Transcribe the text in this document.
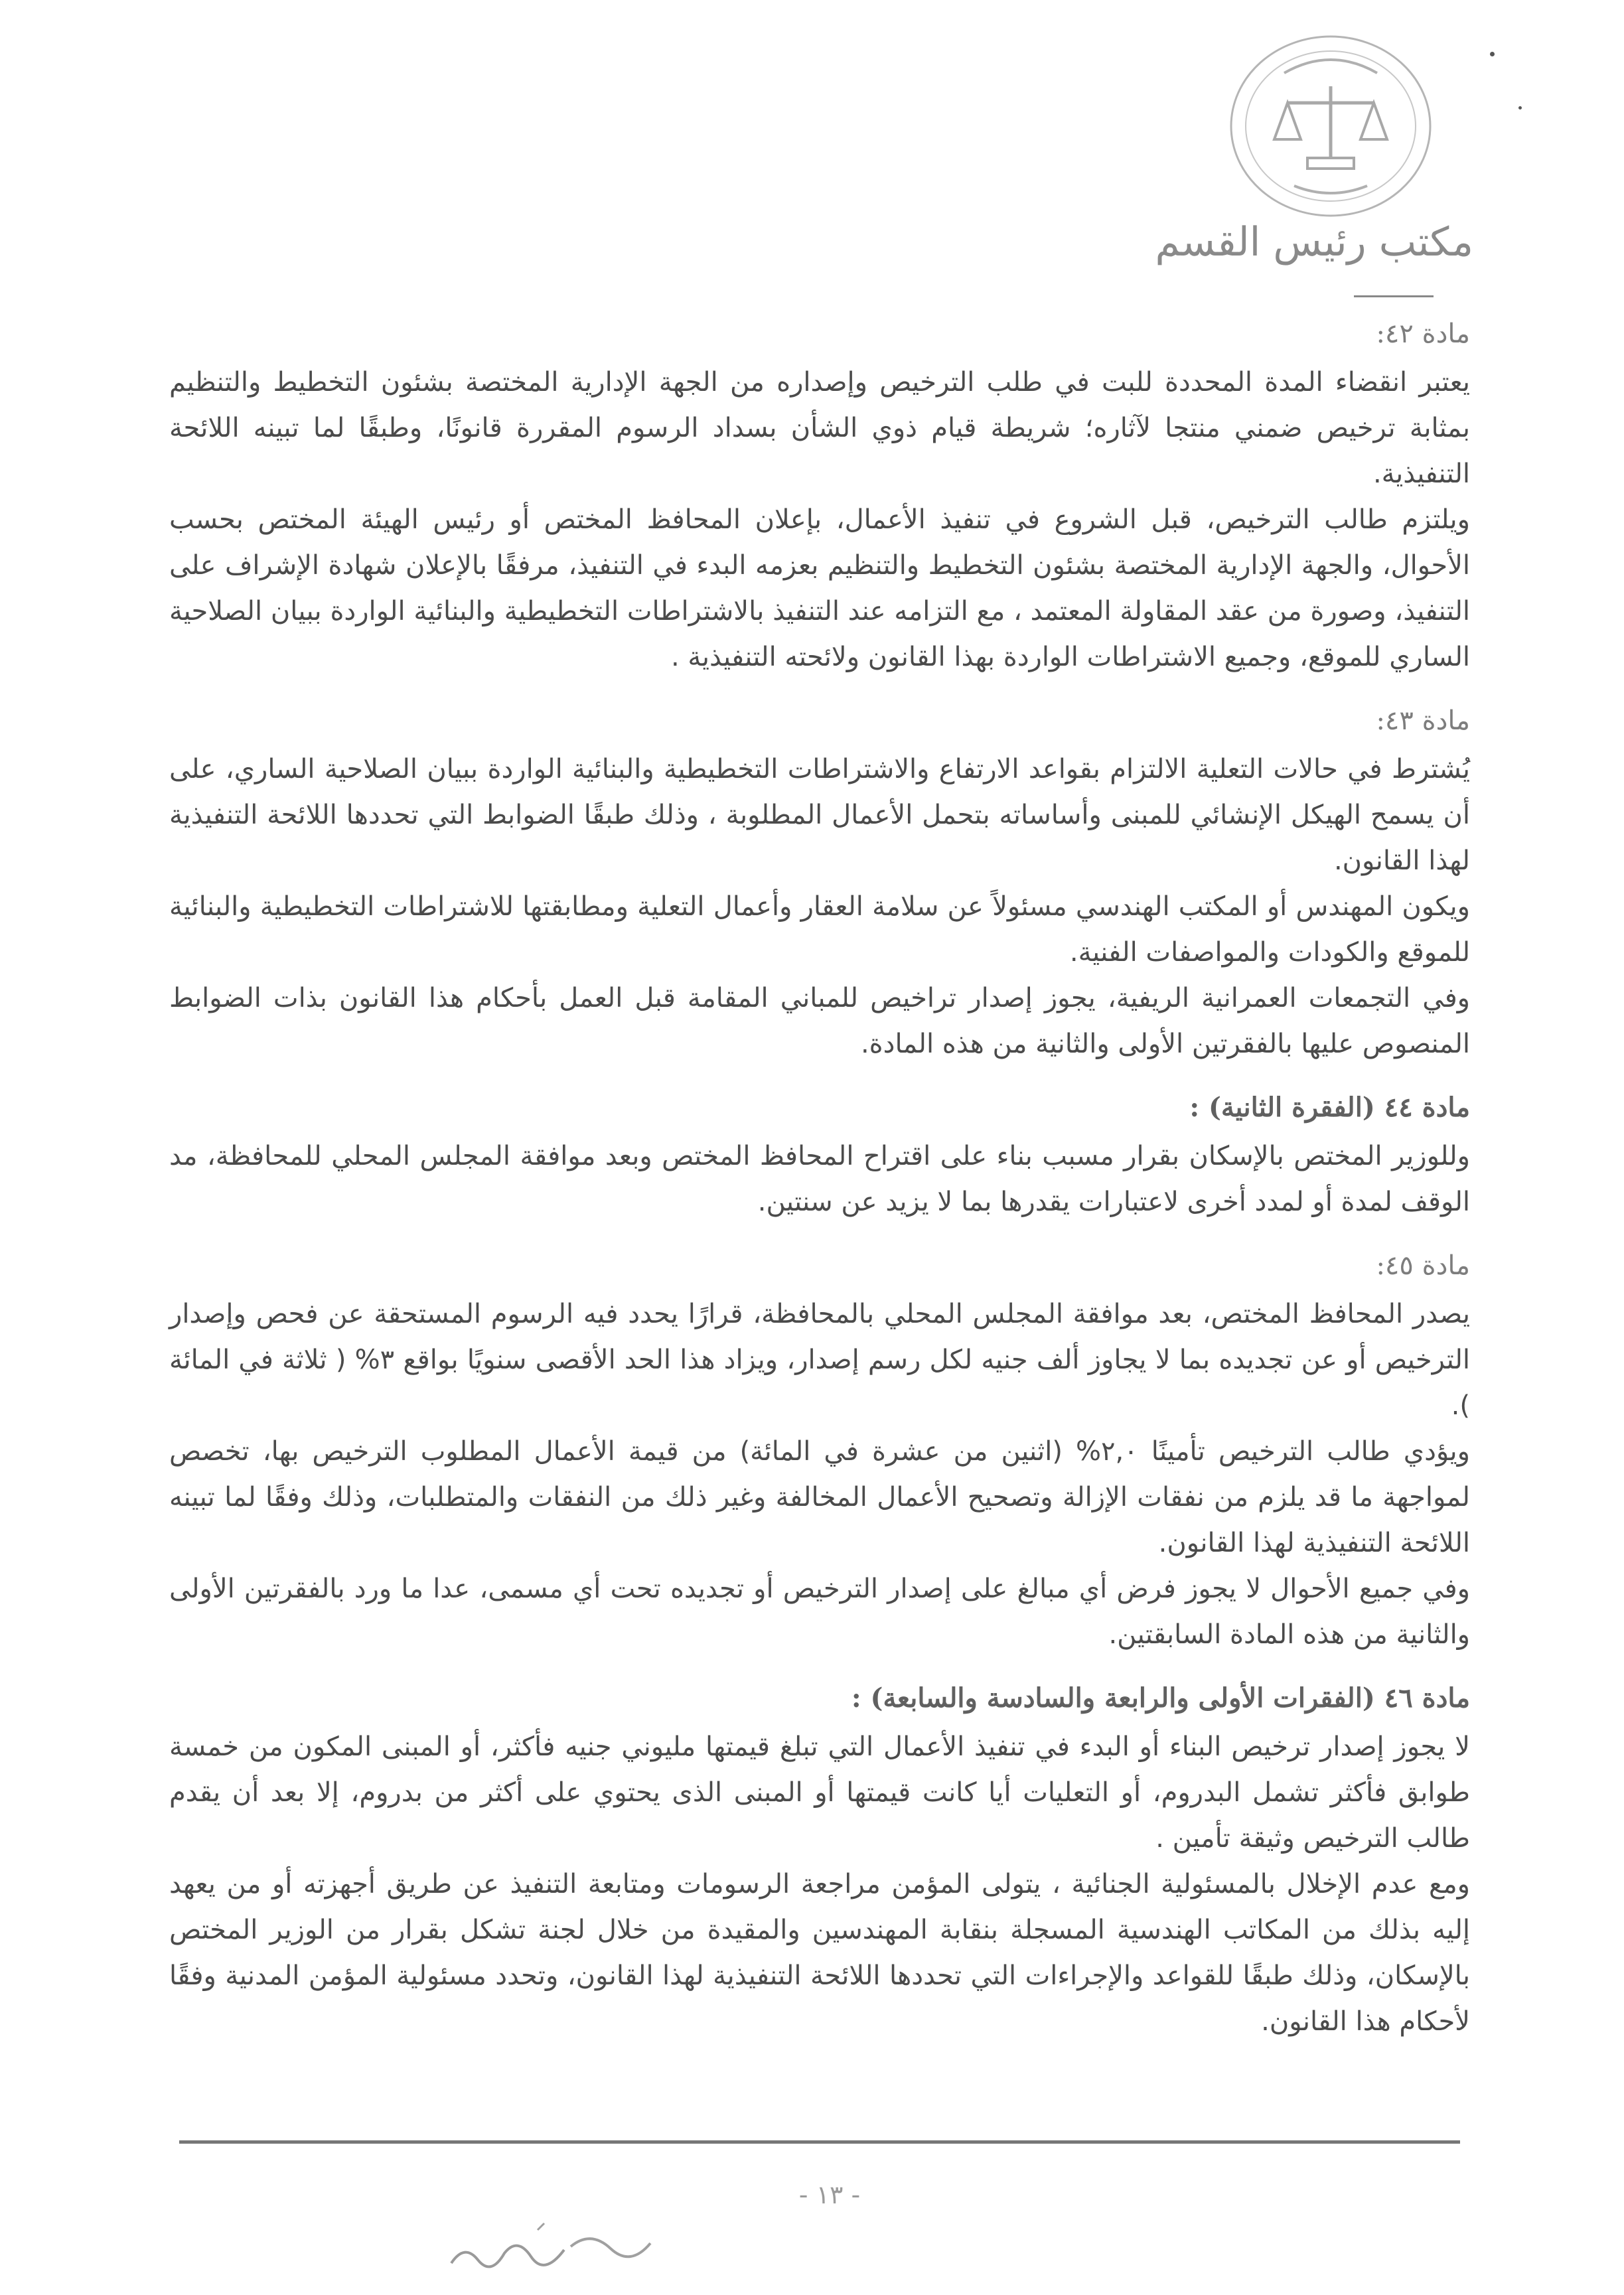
مكتب رئيس القسم
مادة ٤٢:

يعتبر انقضاء المدة المحددة للبت في طلب الترخيص وإصداره من الجهة الإدارية المختصة بشئون التخطيط والتنظيم بمثابة ترخيص ضمني منتجا لآثاره؛ شريطة قيام ذوي الشأن بسداد الرسوم المقررة قانونًا، وطبقًا لما تبينه اللائحة التنفيذية.

ويلتزم طالب الترخيص، قبل الشروع في تنفيذ الأعمال، بإعلان المحافظ المختص أو رئيس الهيئة المختص بحسب الأحوال، والجهة الإدارية المختصة بشئون التخطيط والتنظيم بعزمه البدء في التنفيذ، مرفقًا بالإعلان شهادة الإشراف على التنفيذ، وصورة من عقد المقاولة المعتمد ، مع التزامه عند التنفيذ بالاشتراطات التخطيطية والبنائية الواردة ببيان الصلاحية الساري للموقع، وجميع الاشتراطات الواردة بهذا القانون ولائحته التنفيذية .

مادة ٤٣:

يُشترط في حالات التعلية الالتزام بقواعد الارتفاع والاشتراطات التخطيطية والبنائية الواردة ببيان الصلاحية الساري، على أن يسمح الهيكل الإنشائي للمبنى وأساساته بتحمل الأعمال المطلوبة ، وذلك طبقًا الضوابط التي تحددها اللائحة التنفيذية لهذا القانون.

ويكون المهندس أو المكتب الهندسي مسئولاً عن سلامة العقار وأعمال التعلية ومطابقتها للاشتراطات التخطيطية والبنائية للموقع والكودات والمواصفات الفنية.

وفي التجمعات العمرانية الريفية، يجوز إصدار تراخيص للمباني المقامة قبل العمل بأحكام هذا القانون بذات الضوابط المنصوص عليها بالفقرتين الأولى والثانية من هذه المادة.

مادة ٤٤ (الفقرة الثانية) :

وللوزير المختص بالإسكان بقرار مسبب بناء على اقتراح المحافظ المختص وبعد موافقة المجلس المحلي للمحافظة، مد الوقف لمدة أو لمدد أخرى لاعتبارات يقدرها بما لا يزيد عن سنتين.

مادة ٤٥:

يصدر المحافظ المختص، بعد موافقة المجلس المحلي بالمحافظة، قرارًا يحدد فيه الرسوم المستحقة عن فحص وإصدار الترخيص أو عن تجديده بما لا يجاوز ألف جنيه لكل رسم إصدار، ويزاد هذا الحد الأقصى سنويًا بواقع ٣% ( ثلاثة في المائة ).

ويؤدي طالب الترخيص تأمينًا ٢,٠% (اثنين من عشرة في المائة) من قيمة الأعمال المطلوب الترخيص بها، تخصص لمواجهة ما قد يلزم من نفقات الإزالة وتصحيح الأعمال المخالفة وغير ذلك من النفقات والمتطلبات، وذلك وفقًا لما تبينه اللائحة التنفيذية لهذا القانون.

وفي جميع الأحوال لا يجوز فرض أي مبالغ على إصدار الترخيص أو تجديده تحت أي مسمى، عدا ما ورد بالفقرتين الأولى والثانية من هذه المادة السابقتين.

مادة ٤٦ (الفقرات الأولى والرابعة والسادسة والسابعة) :

لا يجوز إصدار ترخيص البناء أو البدء في تنفيذ الأعمال التي تبلغ قيمتها مليوني جنيه فأكثر، أو المبنى المكون من خمسة طوابق فأكثر تشمل البدروم، أو التعليات أيا كانت قيمتها أو المبنى الذى يحتوي على أكثر من بدروم، إلا بعد أن يقدم طالب الترخيص وثيقة تأمين .

ومع عدم الإخلال بالمسئولية الجنائية ، يتولى المؤمن مراجعة الرسومات ومتابعة التنفيذ عن طريق أجهزته أو من يعهد إليه بذلك من المكاتب الهندسية المسجلة بنقابة المهندسين والمقيدة من خلال لجنة تشكل بقرار من الوزير المختص بالإسكان، وذلك طبقًا للقواعد والإجراءات التي تحددها اللائحة التنفيذية لهذا القانون، وتحدد مسئولية المؤمن المدنية وفقًا لأحكام هذا القانون.

- ١٣ -
